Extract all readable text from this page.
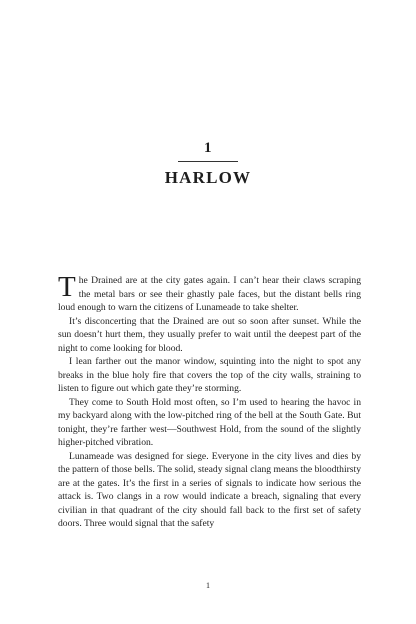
1
HARLOW

The Drained are at the city gates again. I can’t hear their claws scraping the metal bars or see their ghastly pale faces, but the distant bells ring loud enough to warn the citizens of Lunameade to take shelter.

It’s disconcerting that the Drained are out so soon after sunset. While the sun doesn’t hurt them, they usually prefer to wait until the deepest part of the night to come looking for blood.

I lean farther out the manor window, squinting into the night to spot any breaks in the blue holy fire that covers the top of the city walls, straining to listen to figure out which gate they’re storming.

They come to South Hold most often, so I’m used to hearing the havoc in my backyard along with the low-pitched ring of the bell at the South Gate. But tonight, they’re farther west—Southwest Hold, from the sound of the slightly higher-pitched vibration.

Lunameade was designed for siege. Everyone in the city lives and dies by the pattern of those bells. The solid, steady signal clang means the bloodthirsty are at the gates. It’s the first in a series of signals to indicate how serious the attack is. Two clangs in a row would indicate a breach, signaling that every civilian in that quadrant of the city should fall back to the first set of safety doors. Three would signal that the safety

1
